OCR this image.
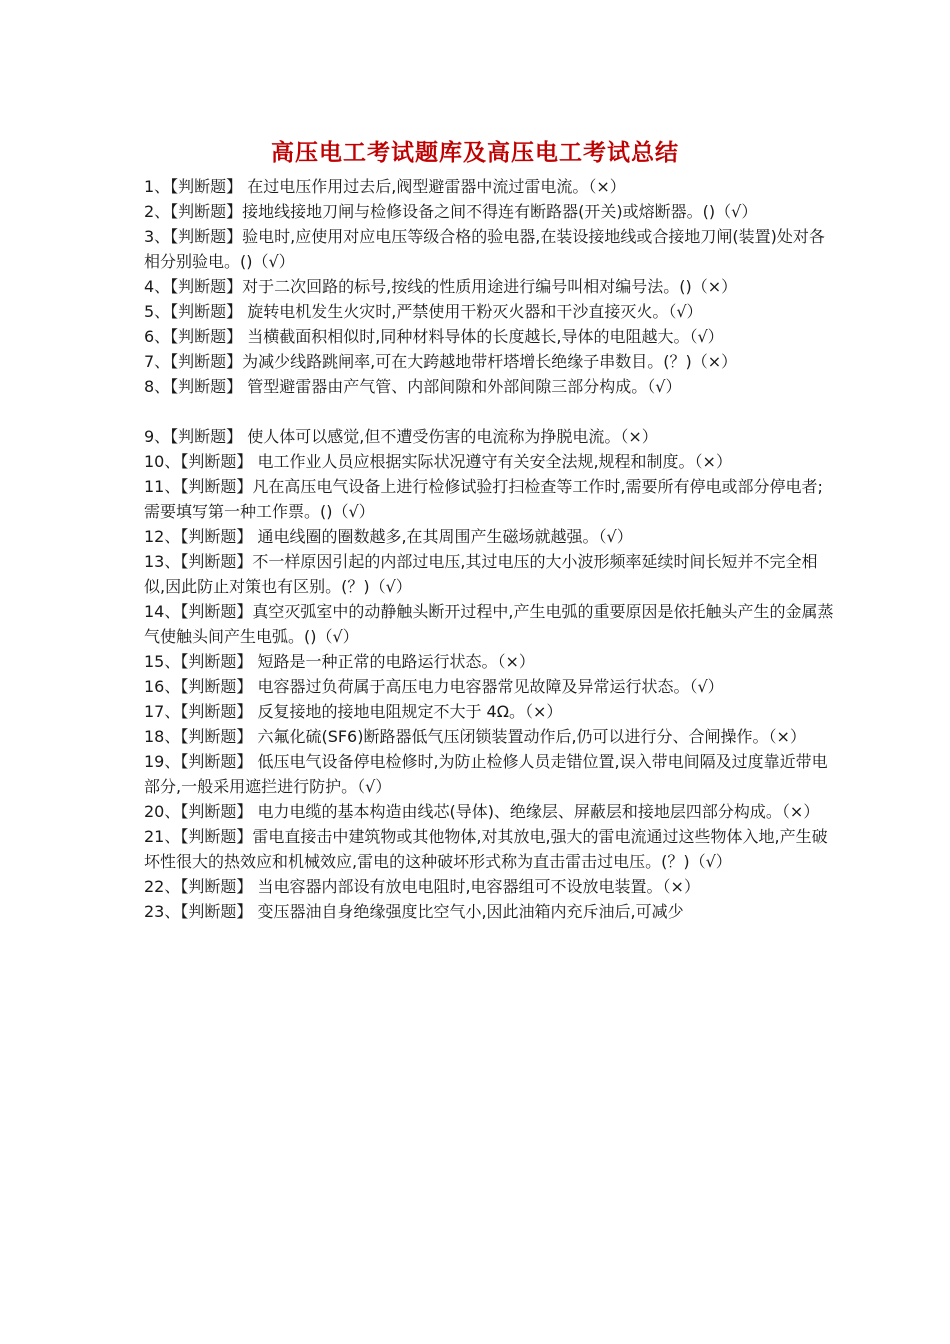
高压电工考试题库及高压电工考试总结
1、【判断题】 在过电压作用过去后,阀型避雷器中流过雷电流。（×）
2、【判断题】接地线接地刀闸与检修设备之间不得连有断路器(开关)或熔断器。()（√）
3、【判断题】验电时,应使用对应电压等级合格的验电器,在装设接地线或合接地刀闸(装置)处对各相分别验电。()（√）
4、【判断题】对于二次回路的标号,按线的性质用途进行编号叫相对编号法。()（×）
5、【判断题】 旋转电机发生火灾时,严禁使用干粉灭火器和干沙直接灭火。（√）
6、【判断题】 当横截面积相似时,同种材料导体的长度越长,导体的电阻越大。（√）
7、【判断题】为减少线路跳闸率,可在大跨越地带杆塔增长绝缘子串数目。(？)（×）
8、【判断题】 管型避雷器由产气管、内部间隙和外部间隙三部分构成。（√）
9、【判断题】 使人体可以感觉,但不遭受伤害的电流称为挣脱电流。（×）
10、【判断题】 电工作业人员应根据实际状况遵守有关安全法规,规程和制度。（×）
11、【判断题】凡在高压电气设备上进行检修试验打扫检查等工作时,需要所有停电或部分停电者;需要填写第一种工作票。()（√）
12、【判断题】 通电线圈的圈数越多,在其周围产生磁场就越强。（√）
13、【判断题】不一样原因引起的内部过电压,其过电压的大小波形频率延续时间长短并不完全相似,因此防止对策也有区别。(？)（√）
14、【判断题】真空灭弧室中的动静触头断开过程中,产生电弧的重要原因是依托触头产生的金属蒸气使触头间产生电弧。()（√）
15、【判断题】 短路是一种正常的电路运行状态。（×）
16、【判断题】 电容器过负荷属于高压电力电容器常见故障及异常运行状态。（√）
17、【判断题】 反复接地的接地电阻规定不大于 4Ω。（×）
18、【判断题】 六氟化硫(SF6)断路器低气压闭锁装置动作后,仍可以进行分、合闸操作。（×）
19、【判断题】 低压电气设备停电检修时,为防止检修人员走错位置,误入带电间隔及过度靠近带电部分,一般采用遮拦进行防护。（√）
20、【判断题】 电力电缆的基本构造由线芯(导体)、绝缘层、屏蔽层和接地层四部分构成。（×）
21、【判断题】雷电直接击中建筑物或其他物体,对其放电,强大的雷电流通过这些物体入地,产生破坏性很大的热效应和机械效应,雷电的这种破坏形式称为直击雷击过电压。(？)（√）
22、【判断题】 当电容器内部设有放电电阻时,电容器组可不设放电装置。（×）
23、【判断题】 变压器油自身绝缘强度比空气小,因此油箱内充斥油后,可减少
